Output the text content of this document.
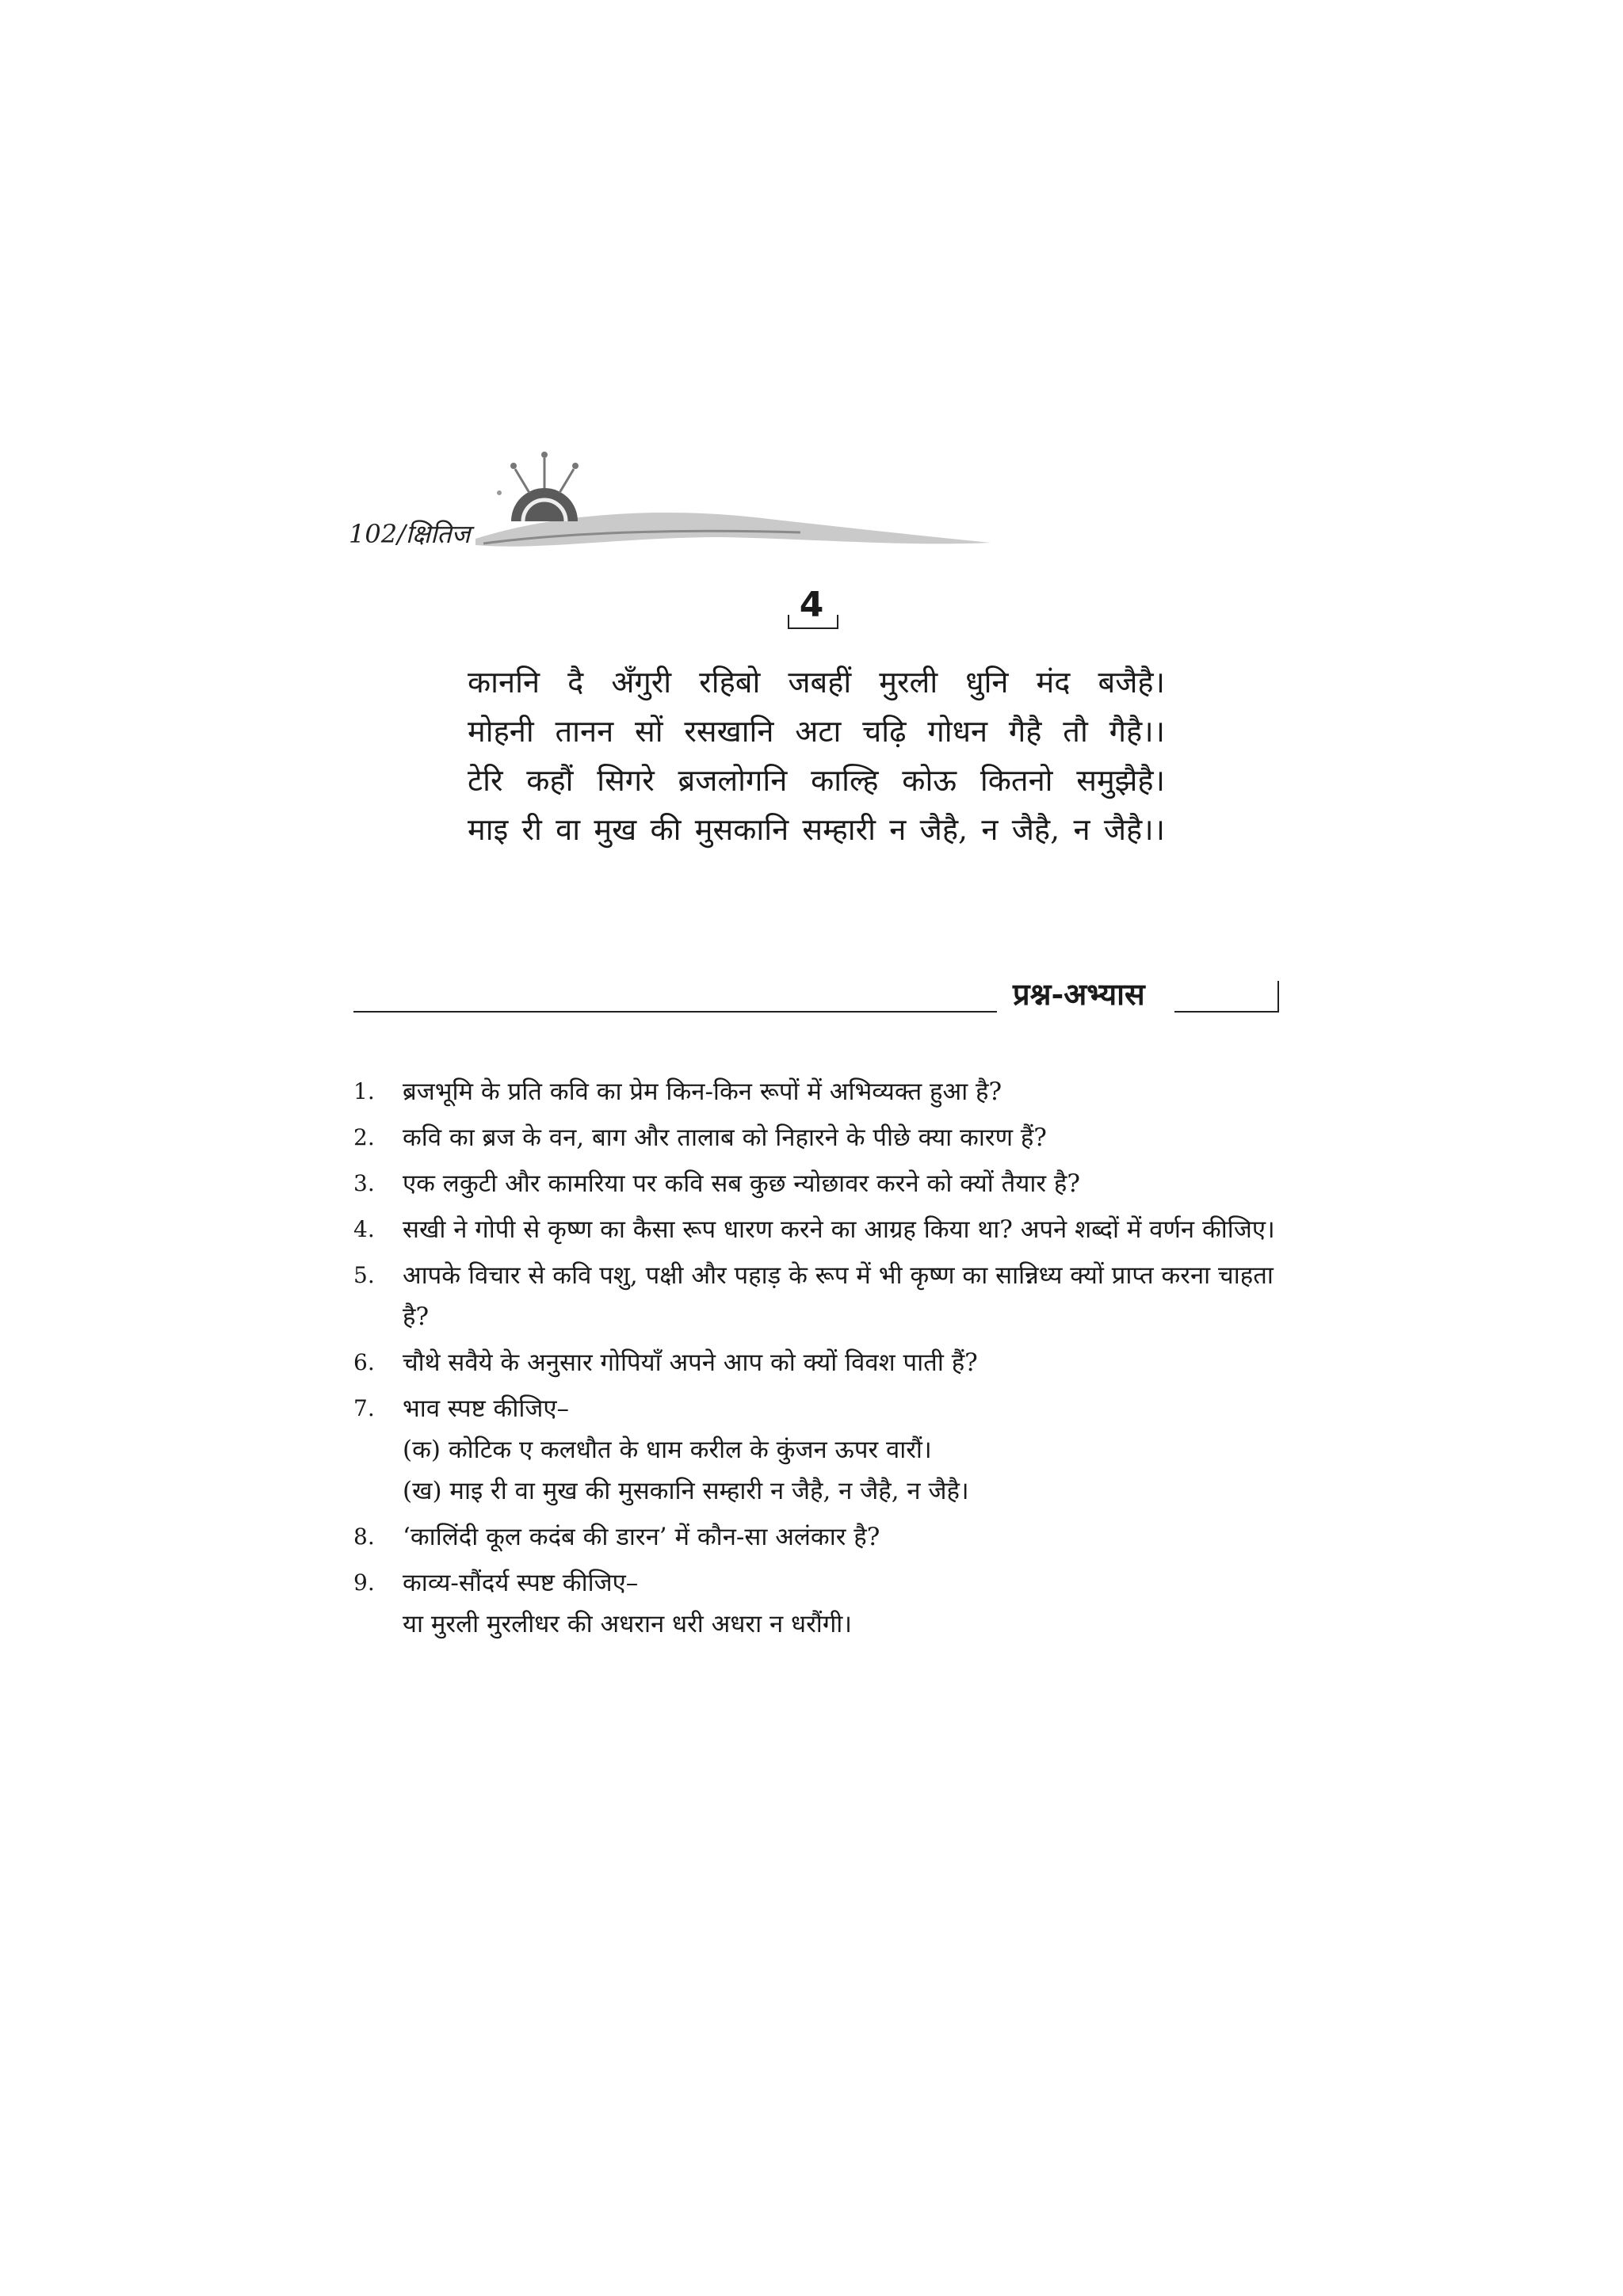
102/क्षितिज
4
काननि दै अँगुरी रहिबो जबहीं मुरली धुनि मंद बजैहै।
मोहनी तानन सों रसखानि अटा चढ़ि गोधन गैहै तौ गैहै।।
टेरि कहौं सिगरे ब्रजलोगनि काल्हि कोऊ कितनो समुझैहै।
माइ री वा मुख की मुसकानि सम्हारी न जैहै, न जैहै, न जैहै।।
प्रश्न-अभ्यास
1.	ब्रजभूमि के प्रति कवि का प्रेम किन-किन रूपों में अभिव्यक्त हुआ है?
2.	कवि का ब्रज के वन, बाग और तालाब को निहारने के पीछे क्या कारण हैं?
3.	एक लकुटी और कामरिया पर कवि सब कुछ न्योछावर करने को क्यों तैयार है?
4.	सखी ने गोपी से कृष्ण का कैसा रूप धारण करने का आग्रह किया था? अपने शब्दों में वर्णन कीजिए।
5.	आपके विचार से कवि पशु, पक्षी और पहाड़ के रूप में भी कृष्ण का सान्निध्य क्यों प्राप्त करना चाहता है?
6.	चौथे सवैये के अनुसार गोपियाँ अपने आप को क्यों विवश पाती हैं?
7.	भाव स्पष्ट कीजिए–
(क) कोटिक ए कलधौत के धाम करील के कुंजन ऊपर वारौं।
(ख) माइ री वा मुख की मुसकानि सम्हारी न जैहै, न जैहै, न जैहै।
8.	‘कालिंदी कूल कदंब की डारन’ में कौन-सा अलंकार है?
9.	काव्य-सौंदर्य स्पष्ट कीजिए–
या मुरली मुरलीधर की अधरान धरी अधरा न धरौंगी।
